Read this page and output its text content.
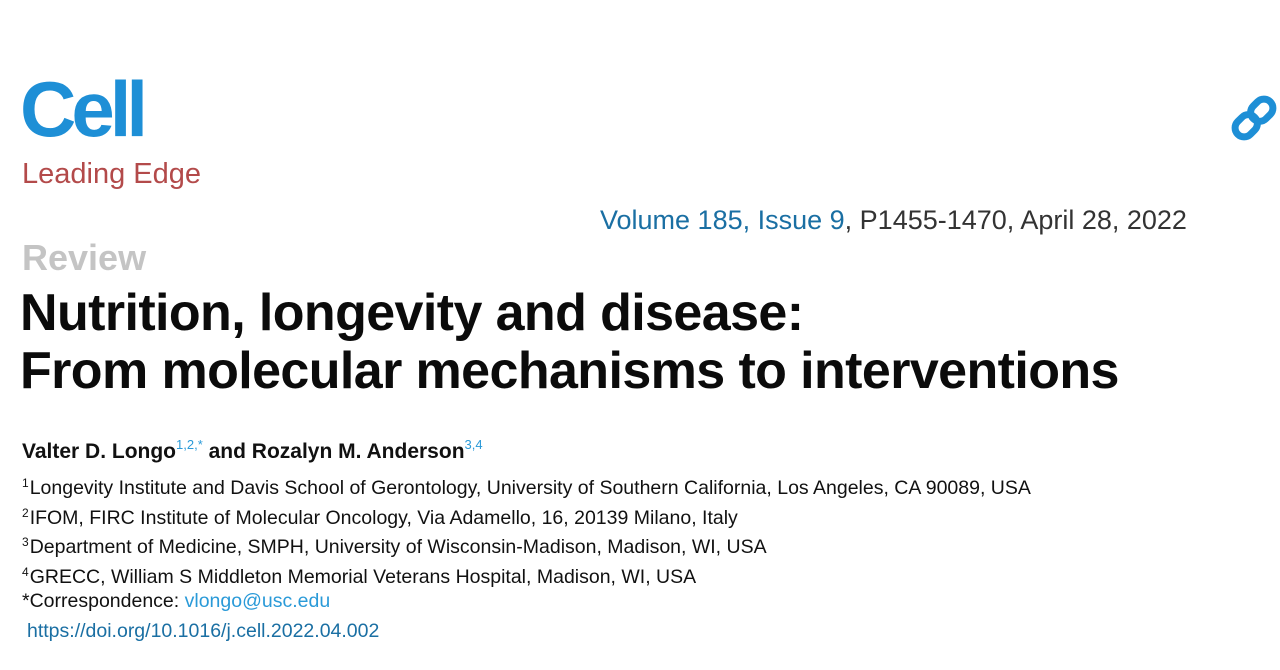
Cell
Leading Edge
Volume 185, Issue 9, P1455-1470, April 28, 2022
Review
Nutrition, longevity and disease:
From molecular mechanisms to interventions
Valter D. Longo$^{1,2,*}$ and Rozalyn M. Anderson$^{3,4}$
$^1$Longevity Institute and Davis School of Gerontology, University of Southern California, Los Angeles, CA 90089, USA
$^2$IFOM, FIRC Institute of Molecular Oncology, Via Adamello, 16, 20139 Milano, Italy
$^3$Department of Medicine, SMPH, University of Wisconsin-Madison, Madison, WI, USA
$^4$GRECC, William S Middleton Memorial Veterans Hospital, Madison, WI, USA
*Correspondence: vlongo@usc.edu
https://doi.org/10.1016/j.cell.2022.04.002
